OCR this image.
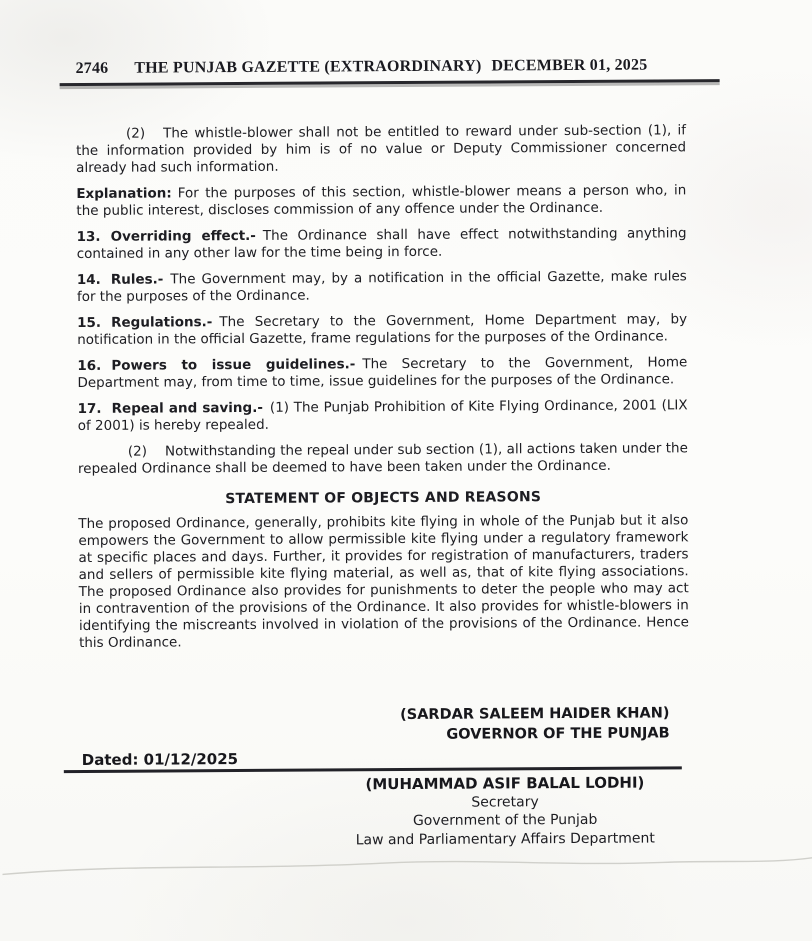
2746 THE PUNJAB GAZETTE (EXTRAORDINARY) DECEMBER 01, 2025

(2) The whistle-blower shall not be entitled to reward under sub-section (1), if the information provided by him is of no value or Deputy Commissioner concerned already had such information.

Explanation: For the purposes of this section, whistle-blower means a person who, in the public interest, discloses commission of any offence under the Ordinance.

13. Overriding effect.- The Ordinance shall have effect notwithstanding anything contained in any other law for the time being in force.

14. Rules.- The Government may, by a notification in the official Gazette, make rules for the purposes of the Ordinance.

15. Regulations.- The Secretary to the Government, Home Department may, by notification in the official Gazette, frame regulations for the purposes of the Ordinance.

16. Powers to issue guidelines.- The Secretary to the Government, Home Department may, from time to time, issue guidelines for the purposes of the Ordinance.

17. Repeal and saving.- (1) The Punjab Prohibition of Kite Flying Ordinance, 2001 (LIX of 2001) is hereby repealed.

(2) Notwithstanding the repeal under sub section (1), all actions taken under the repealed Ordinance shall be deemed to have been taken under the Ordinance.

STATEMENT OF OBJECTS AND REASONS

The proposed Ordinance, generally, prohibits kite flying in whole of the Punjab but it also empowers the Government to allow permissible kite flying under a regulatory framework at specific places and days. Further, it provides for registration of manufacturers, traders and sellers of permissible kite flying material, as well as, that of kite flying associations. The proposed Ordinance also provides for punishments to deter the people who may act in contravention of the provisions of the Ordinance. It also provides for whistle-blowers in identifying the miscreants involved in violation of the provisions of the Ordinance. Hence this Ordinance.

(SARDAR SALEEM HAIDER KHAN)
GOVERNOR OF THE PUNJAB
Dated: 01/12/2025
(MUHAMMAD ASIF BALAL LODHI)
Secretary
Government of the Punjab
Law and Parliamentary Affairs Department
